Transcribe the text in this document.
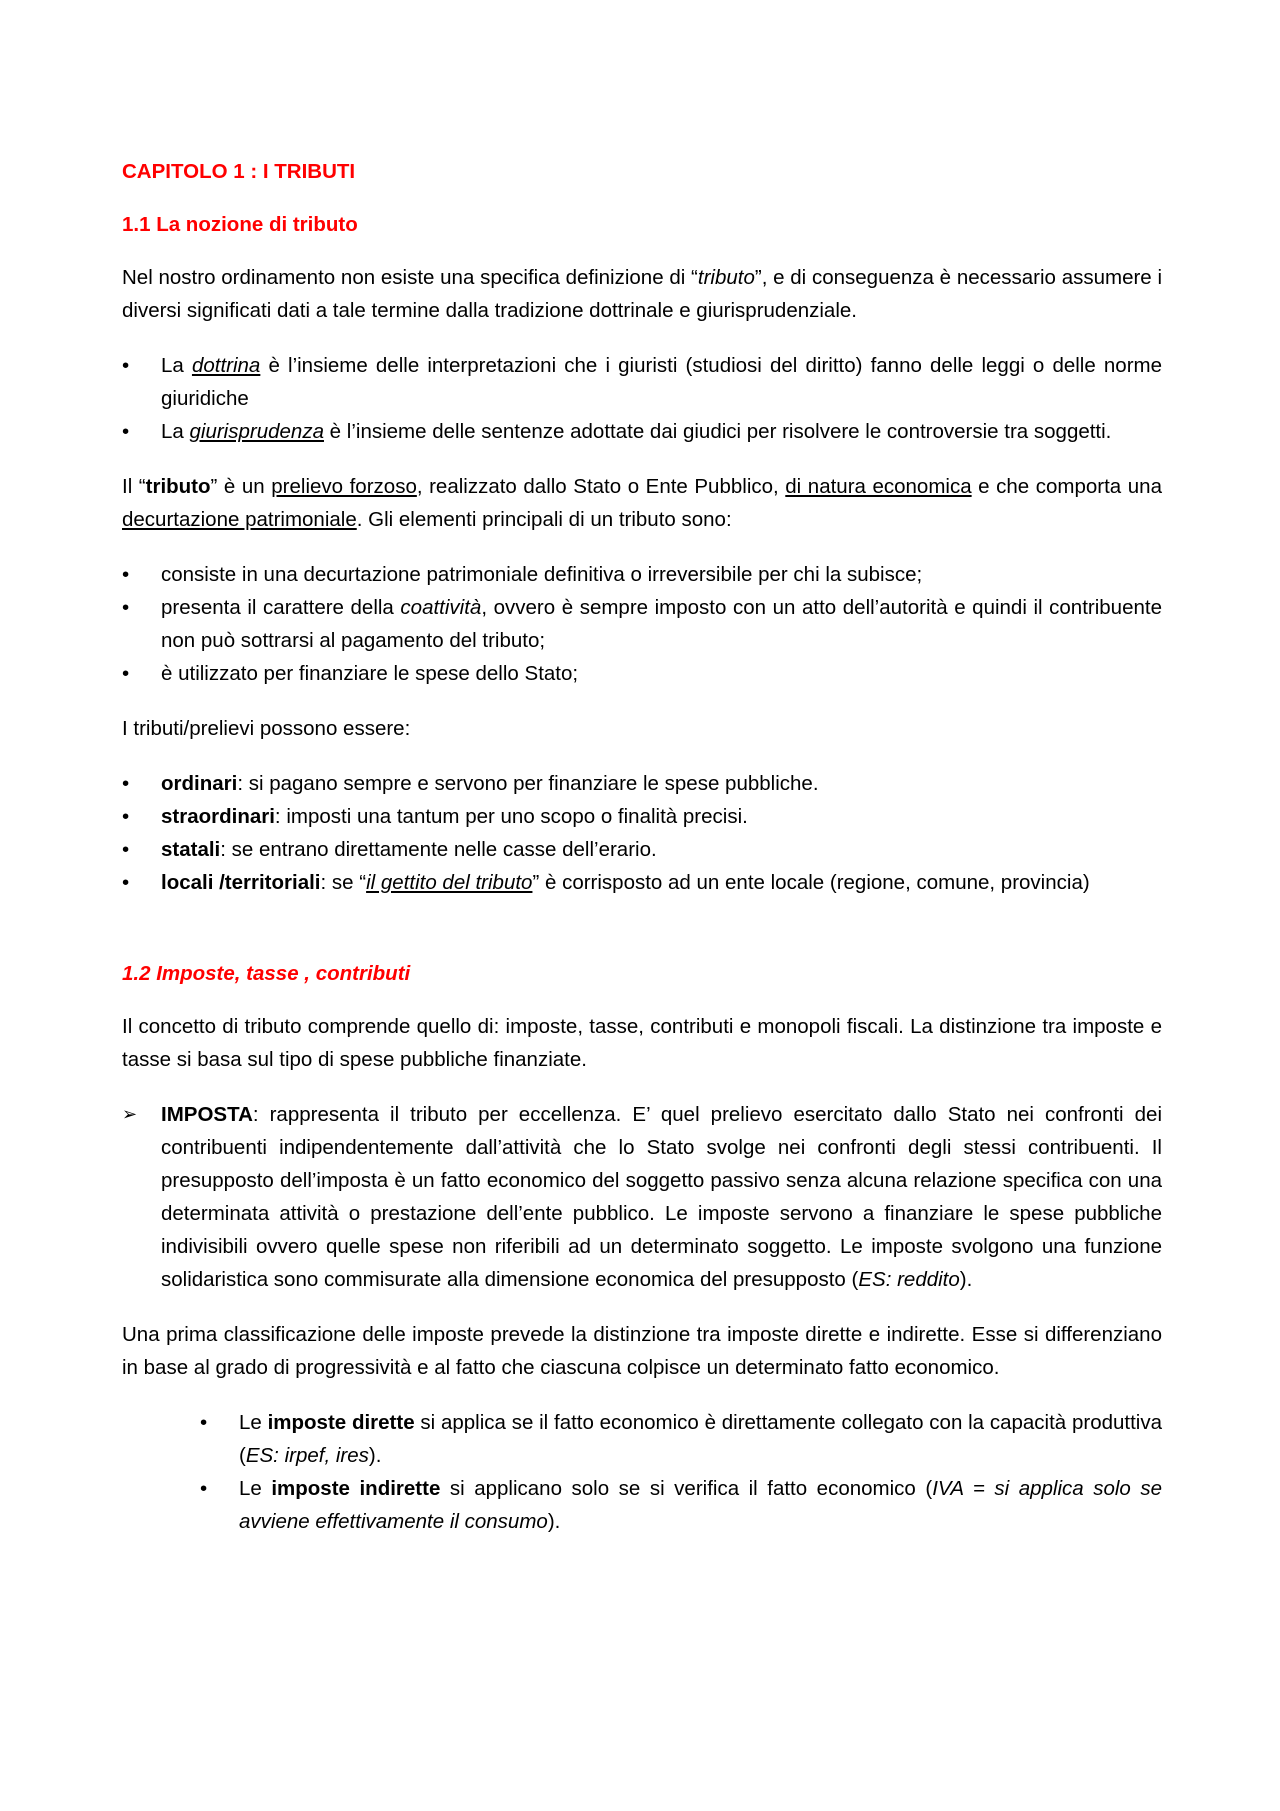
CAPITOLO 1 : I TRIBUTI
1.1 La nozione di tributo

Nel nostro ordinamento non esiste una specifica definizione di “tributo”, e di conseguenza è necessario assumere i diversi significati dati a tale termine dalla tradizione dottrinale e giurisprudenziale.

•	La dottrina è l’insieme delle interpretazioni che i giuristi (studiosi del diritto) fanno delle leggi o delle norme giuridiche
•	La giurisprudenza è l’insieme delle sentenze adottate dai giudici per risolvere le controversie tra soggetti.

Il “tributo” è un prelievo forzoso, realizzato dallo Stato o Ente Pubblico, di natura economica e che comporta una decurtazione patrimoniale. Gli elementi principali di un tributo sono:

•	consiste in una decurtazione patrimoniale definitiva o irreversibile per chi la subisce;
•	presenta il carattere della coattività, ovvero è sempre imposto con un atto dell’autorità e quindi il contribuente non può sottrarsi al pagamento del tributo;
•	è utilizzato per finanziare le spese dello Stato;

I tributi/prelievi possono essere:

•	ordinari: si pagano sempre e servono per finanziare le spese pubbliche.
•	straordinari: imposti una tantum per uno scopo o finalità precisi.
•	statali: se entrano direttamente nelle casse dell’erario.
•	locali /territoriali: se “il gettito del tributo” è corrisposto ad un ente locale (regione, comune, provincia)
1.2 Imposte, tasse , contributi

Il concetto di tributo comprende quello di: imposte, tasse, contributi e monopoli fiscali. La distinzione tra imposte e tasse si basa sul tipo di spese pubbliche finanziate.

➢ IMPOSTA: rappresenta il tributo per eccellenza. E’ quel prelievo esercitato dallo Stato nei confronti dei contribuenti indipendentemente dall’attività che lo Stato svolge nei confronti degli stessi contribuenti. Il presupposto dell’imposta è un fatto economico del soggetto passivo senza alcuna relazione specifica con una determinata attività o prestazione dell’ente pubblico. Le imposte servono a finanziare le spese pubbliche indivisibili ovvero quelle spese non riferibili ad un determinato soggetto. Le imposte svolgono una funzione solidaristica sono commisurate alla dimensione economica del presupposto (ES: reddito).

Una prima classificazione delle imposte prevede la distinzione tra imposte dirette e indirette. Esse si differenziano in base al grado di progressività e al fatto che ciascuna colpisce un determinato fatto economico.

•	Le imposte dirette si applica se il fatto economico è direttamente collegato con la capacità produttiva (ES: irpef, ires).
•	Le imposte indirette si applicano solo se si verifica il fatto economico (IVA = si applica solo se avviene effettivamente il consumo).
